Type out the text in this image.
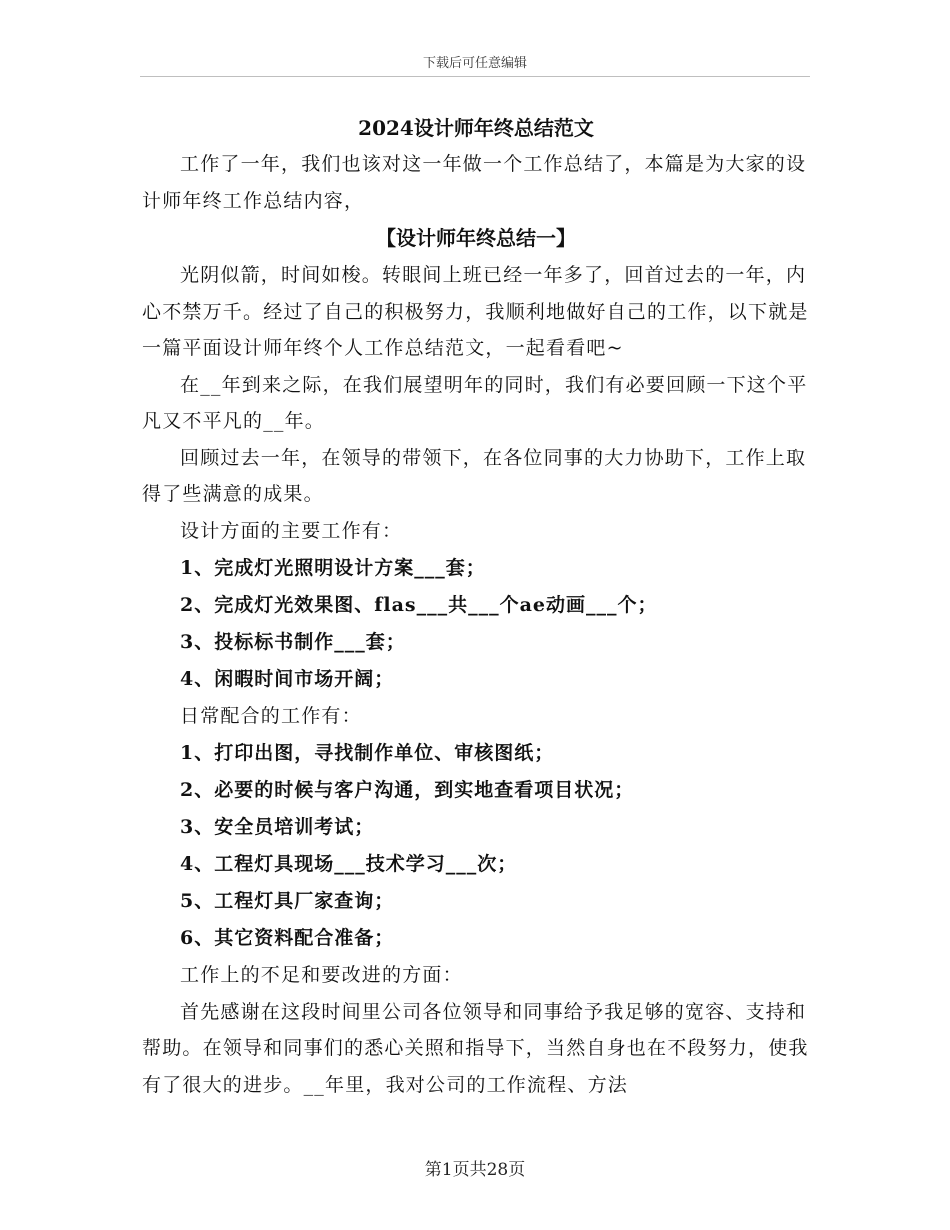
下载后可任意编辑
2024设计师年终总结范文

工作了一年，我们也该对这一年做一个工作总结了，本篇是为大家的设计师年终工作总结内容，

【设计师年终总结一】

光阴似箭，时间如梭。转眼间上班已经一年多了，回首过去的一年，内心不禁万千。经过了自己的积极努力，我顺利地做好自己的工作，以下就是一篇平面设计师年终个人工作总结范文，一起看看吧~

在__年到来之际，在我们展望明年的同时，我们有必要回顾一下这个平凡又不平凡的__年。

回顾过去一年，在领导的带领下，在各位同事的大力协助下，工作上取得了些满意的成果。

设计方面的主要工作有：

1、完成灯光照明设计方案___套；

2、完成灯光效果图、flas___共___个ae动画___个；

3、投标标书制作___套；

4、闲暇时间市场开阔；

日常配合的工作有：

1、打印出图，寻找制作单位、审核图纸；

2、必要的时候与客户沟通，到实地查看项目状况；

3、安全员培训考试；

4、工程灯具现场___技术学习___次；

5、工程灯具厂家查询；

6、其它资料配合准备；

工作上的不足和要改进的方面：

首先感谢在这段时间里公司各位领导和同事给予我足够的宽容、支持和帮助。在领导和同事们的悉心关照和指导下，当然自身也在不段努力，使我有了很大的进步。__年里，我对公司的工作流程、方法

第1页共28页
